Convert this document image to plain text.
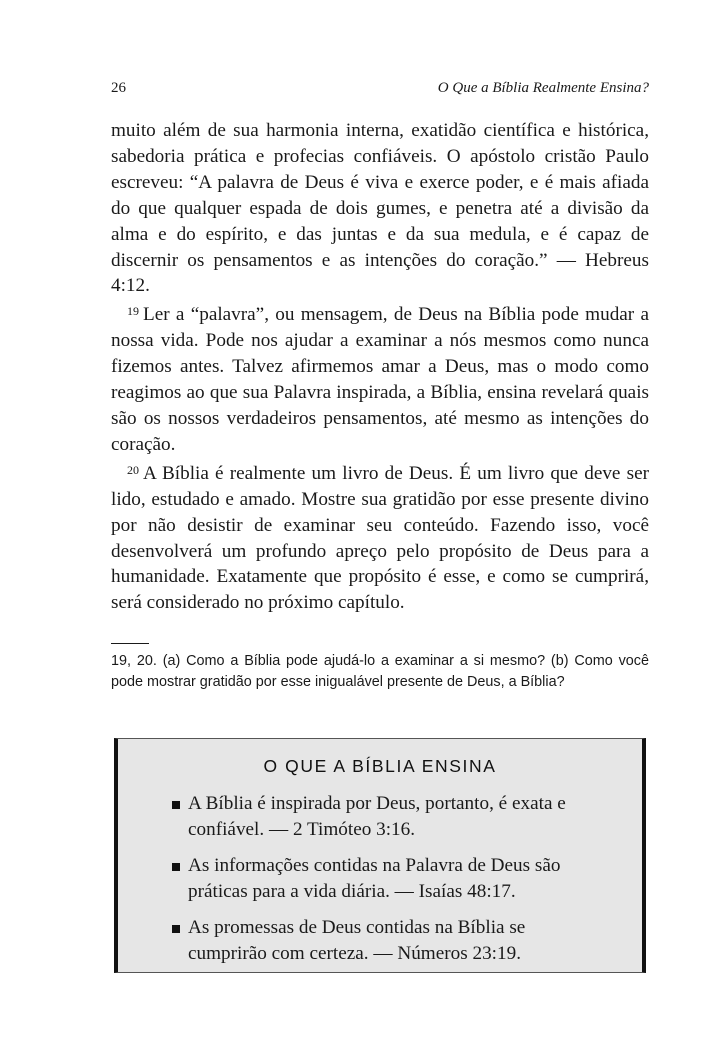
26	O Que a Bíblia Realmente Ensina?

muito além de sua harmonia interna, exatidão científica e histórica, sabedoria prática e profecias confiáveis. O apóstolo cristão Paulo escreveu: “A palavra de Deus é viva e exerce poder, e é mais afiada do que qualquer espada de dois gumes, e penetra até a divisão da alma e do espírito, e das juntas e da sua medula, e é capaz de discernir os pensamentos e as intenções do coração.” — Hebreus 4:12.

$^{19}$ Ler a “palavra”, ou mensagem, de Deus na Bíblia pode mudar a nossa vida. Pode nos ajudar a examinar a nós mesmos como nunca fizemos antes. Talvez afirmemos amar a Deus, mas o modo como reagimos ao que sua Palavra inspirada, a Bíblia, ensina revelará quais são os nossos verdadeiros pensamentos, até mesmo as intenções do coração.

$^{20}$ A Bíblia é realmente um livro de Deus. É um livro que deve ser lido, estudado e amado. Mostre sua gratidão por esse presente divino por não desistir de examinar seu conteúdo. Fazendo isso, você desenvolverá um profundo apreço pelo propósito de Deus para a humanidade. Exatamente que propósito é esse, e como se cumprirá, será considerado no próximo capítulo.

19, 20. (a) Como a Bíblia pode ajudá-lo a examinar a si mesmo? (b) Como você pode mostrar gratidão por esse inigualável presente de Deus, a Bíblia?

O QUE A BÍBLIA ENSINA
A Bíblia é inspirada por Deus, portanto, é exata e confiável. — 2 Timóteo 3:16.
As informações contidas na Palavra de Deus são práticas para a vida diária. — Isaías 48:17.
As promessas de Deus contidas na Bíblia se cumprirão com certeza. — Números 23:19.
